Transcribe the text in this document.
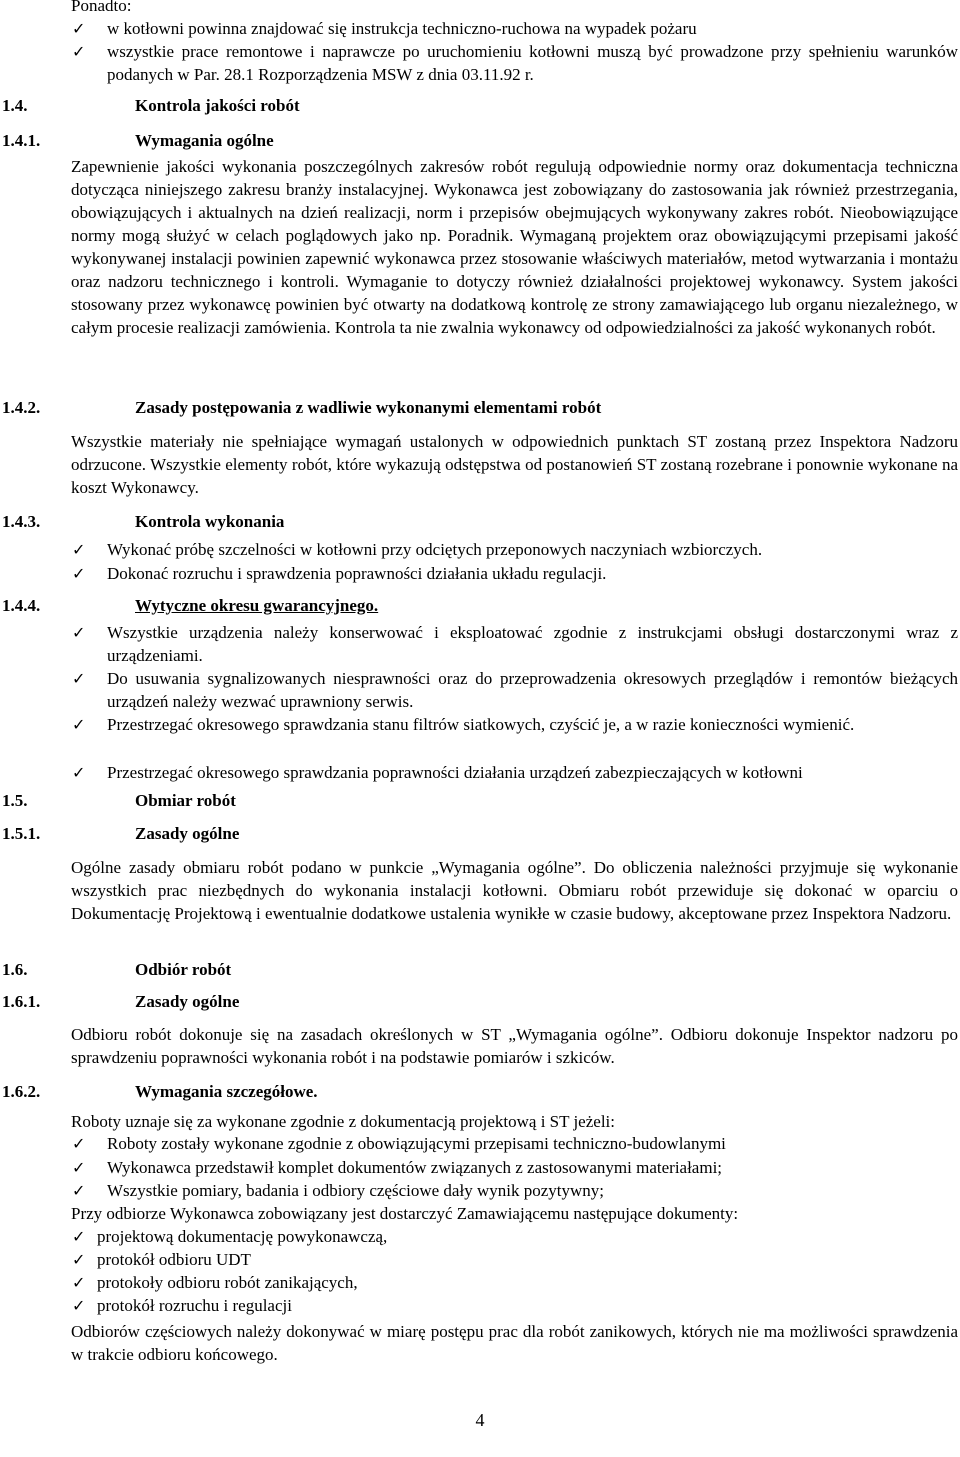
Ponadto:

✓ w kotłowni powinna znajdować się instrukcja techniczno-ruchowa na wypadek pożaru

✓ wszystkie prace remontowe i naprawcze po uruchomieniu kotłowni muszą być prowadzone przy spełnieniu warunków podanych w Par. 28.1 Rozporządzenia MSW z dnia 03.11.92 r.

1.4.	Kontrola jakości robót

1.4.1.	Wymagania ogólne

Zapewnienie jakości wykonania poszczególnych zakresów robót regulują odpowiednie normy oraz dokumentacja techniczna dotycząca niniejszego zakresu branży instalacyjnej. Wykonawca jest zobowiązany do zastosowania jak również przestrzegania, obowiązujących i aktualnych na dzień realizacji, norm i przepisów obejmujących wykonywany zakres robót. Nieobowiązujące normy mogą służyć w celach poglądowych jako np. Poradnik. Wymaganą projektem oraz obowiązującymi przepisami jakość wykonywanej instalacji powinien zapewnić wykonawca przez stosowanie właściwych materiałów, metod wytwarzania i montażu oraz nadzoru technicznego i kontroli. Wymaganie to dotyczy również działalności projektowej wykonawcy. System jakości stosowany przez wykonawcę powinien być otwarty na dodatkową kontrolę ze strony zamawiającego lub organu niezależnego, w całym procesie realizacji zamówienia. Kontrola ta nie zwalnia wykonawcy od odpowiedzialności za jakość wykonanych robót.

1.4.2.	Zasady postępowania z wadliwie wykonanymi elementami robót

Wszystkie materiały nie spełniające wymagań ustalonych w odpowiednich punktach ST zostaną przez Inspektora Nadzoru odrzucone. Wszystkie elementy robót, które wykazują odstępstwa od postanowień ST zostaną rozebrane i ponownie wykonane na koszt Wykonawcy.

1.4.3.	Kontrola wykonania

✓ Wykonać próbę szczelności w kotłowni przy odciętych przeponowych naczyniach wzbiorczych.

✓ Dokonać rozruchu i sprawdzenia poprawności działania układu regulacji.

1.4.4.	Wytyczne okresu gwarancyjnego.

✓ Wszystkie urządzenia należy konserwować i eksploatować zgodnie z instrukcjami obsługi dostarczonymi wraz z urządzeniami.

✓ Do usuwania sygnalizowanych niesprawności oraz do przeprowadzenia okresowych przeglądów i remontów bieżących urządzeń należy wezwać uprawniony serwis.

✓ Przestrzegać okresowego sprawdzania stanu filtrów siatkowych, czyścić je, a w razie konieczności wymienić.

✓ Przestrzegać okresowego sprawdzania poprawności działania urządzeń zabezpieczających w kotłowni

1.5.	Obmiar robót

1.5.1.	Zasady ogólne

Ogólne zasady obmiaru robót podano w punkcie „Wymagania ogólne”. Do obliczenia należności przyjmuje się wykonanie wszystkich prac niezbędnych do wykonania instalacji kotłowni. Obmiaru robót przewiduje się dokonać w oparciu o Dokumentację Projektową i ewentualnie dodatkowe ustalenia wynikłe w czasie budowy, akceptowane przez Inspektora Nadzoru.

1.6.	Odbiór robót

1.6.1.	Zasady ogólne

Odbioru robót dokonuje się na zasadach określonych w ST „Wymagania ogólne”. Odbioru dokonuje Inspektor nadzoru po sprawdzeniu poprawności wykonania robót i na podstawie pomiarów i szkiców.

1.6.2.	Wymagania szczegółowe.

Roboty uznaje się za wykonane zgodnie z dokumentacją projektową i ST jeżeli:

✓ Roboty zostały wykonane zgodnie z obowiązującymi przepisami techniczno-budowlanymi

✓ Wykonawca przedstawił komplet dokumentów związanych z zastosowanymi materiałami;

✓ Wszystkie pomiary, badania i odbiory częściowe dały wynik pozytywny;

Przy odbiorze Wykonawca zobowiązany jest dostarczyć Zamawiającemu następujące dokumenty:

✓ projektową dokumentację powykonawczą,

✓ protokół odbioru UDT

✓ protokoły odbioru robót zanikających,

✓ protokół rozruchu i regulacji

Odbiorów częściowych należy dokonywać w miarę postępu prac dla robót zanikowych, których nie ma możliwości sprawdzenia w trakcie odbioru końcowego.

4
